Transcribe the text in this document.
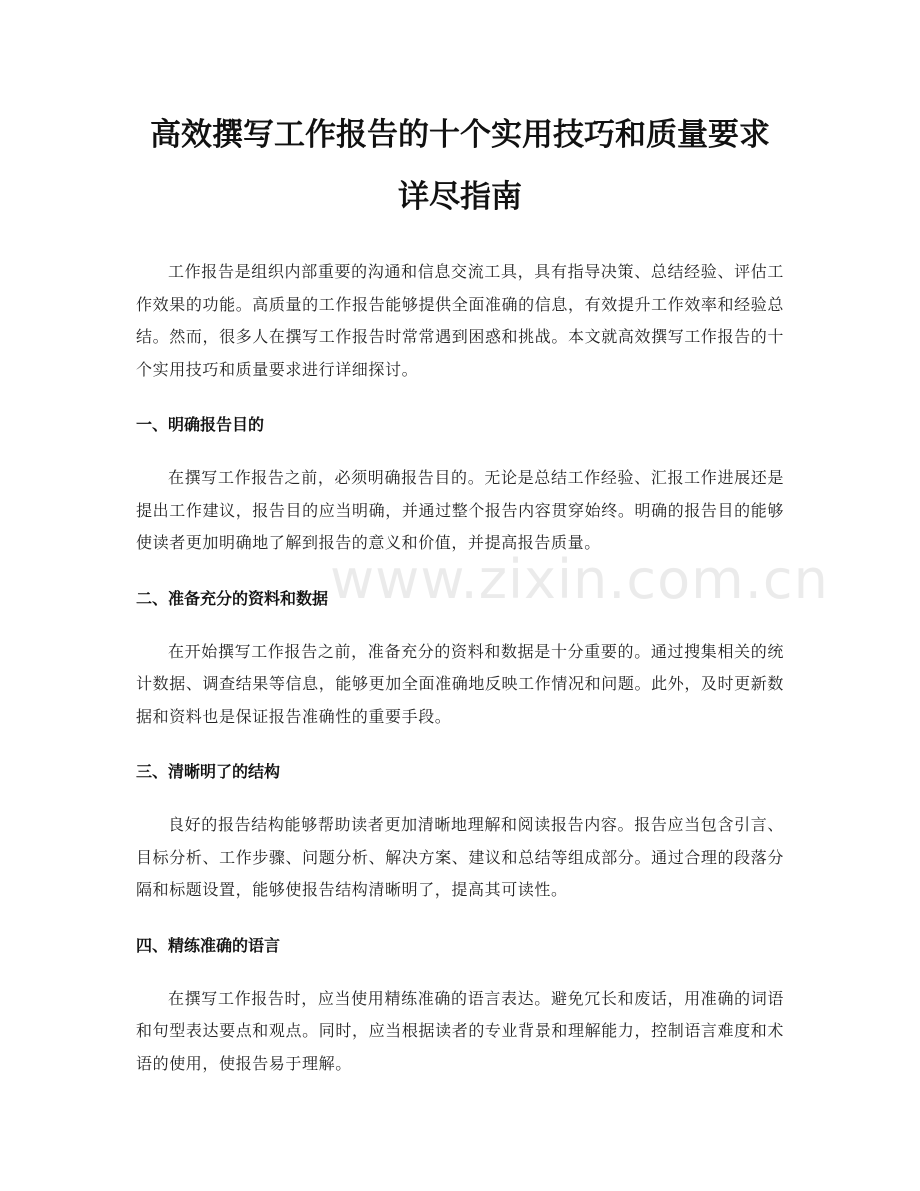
高效撰写工作报告的十个实用技巧和质量要求详尽指南

工作报告是组织内部重要的沟通和信息交流工具，具有指导决策、总结经验、评估工作效果的功能。高质量的工作报告能够提供全面准确的信息，有效提升工作效率和经验总结。然而，很多人在撰写工作报告时常常遇到困惑和挑战。本文就高效撰写工作报告的十个实用技巧和质量要求进行详细探讨。

一、明确报告目的

在撰写工作报告之前，必须明确报告目的。无论是总结工作经验、汇报工作进展还是提出工作建议，报告目的应当明确，并通过整个报告内容贯穿始终。明确的报告目的能够使读者更加明确地了解到报告的意义和价值，并提高报告质量。

二、准备充分的资料和数据

在开始撰写工作报告之前，准备充分的资料和数据是十分重要的。通过搜集相关的统计数据、调查结果等信息，能够更加全面准确地反映工作情况和问题。此外，及时更新数据和资料也是保证报告准确性的重要手段。

三、清晰明了的结构

良好的报告结构能够帮助读者更加清晰地理解和阅读报告内容。报告应当包含引言、目标分析、工作步骤、问题分析、解决方案、建议和总结等组成部分。通过合理的段落分隔和标题设置，能够使报告结构清晰明了，提高其可读性。

四、精练准确的语言

在撰写工作报告时，应当使用精练准确的语言表达。避免冗长和废话，用准确的词语和句型表达要点和观点。同时，应当根据读者的专业背景和理解能力，控制语言难度和术语的使用，使报告易于理解。

www.zixin.com.cn
